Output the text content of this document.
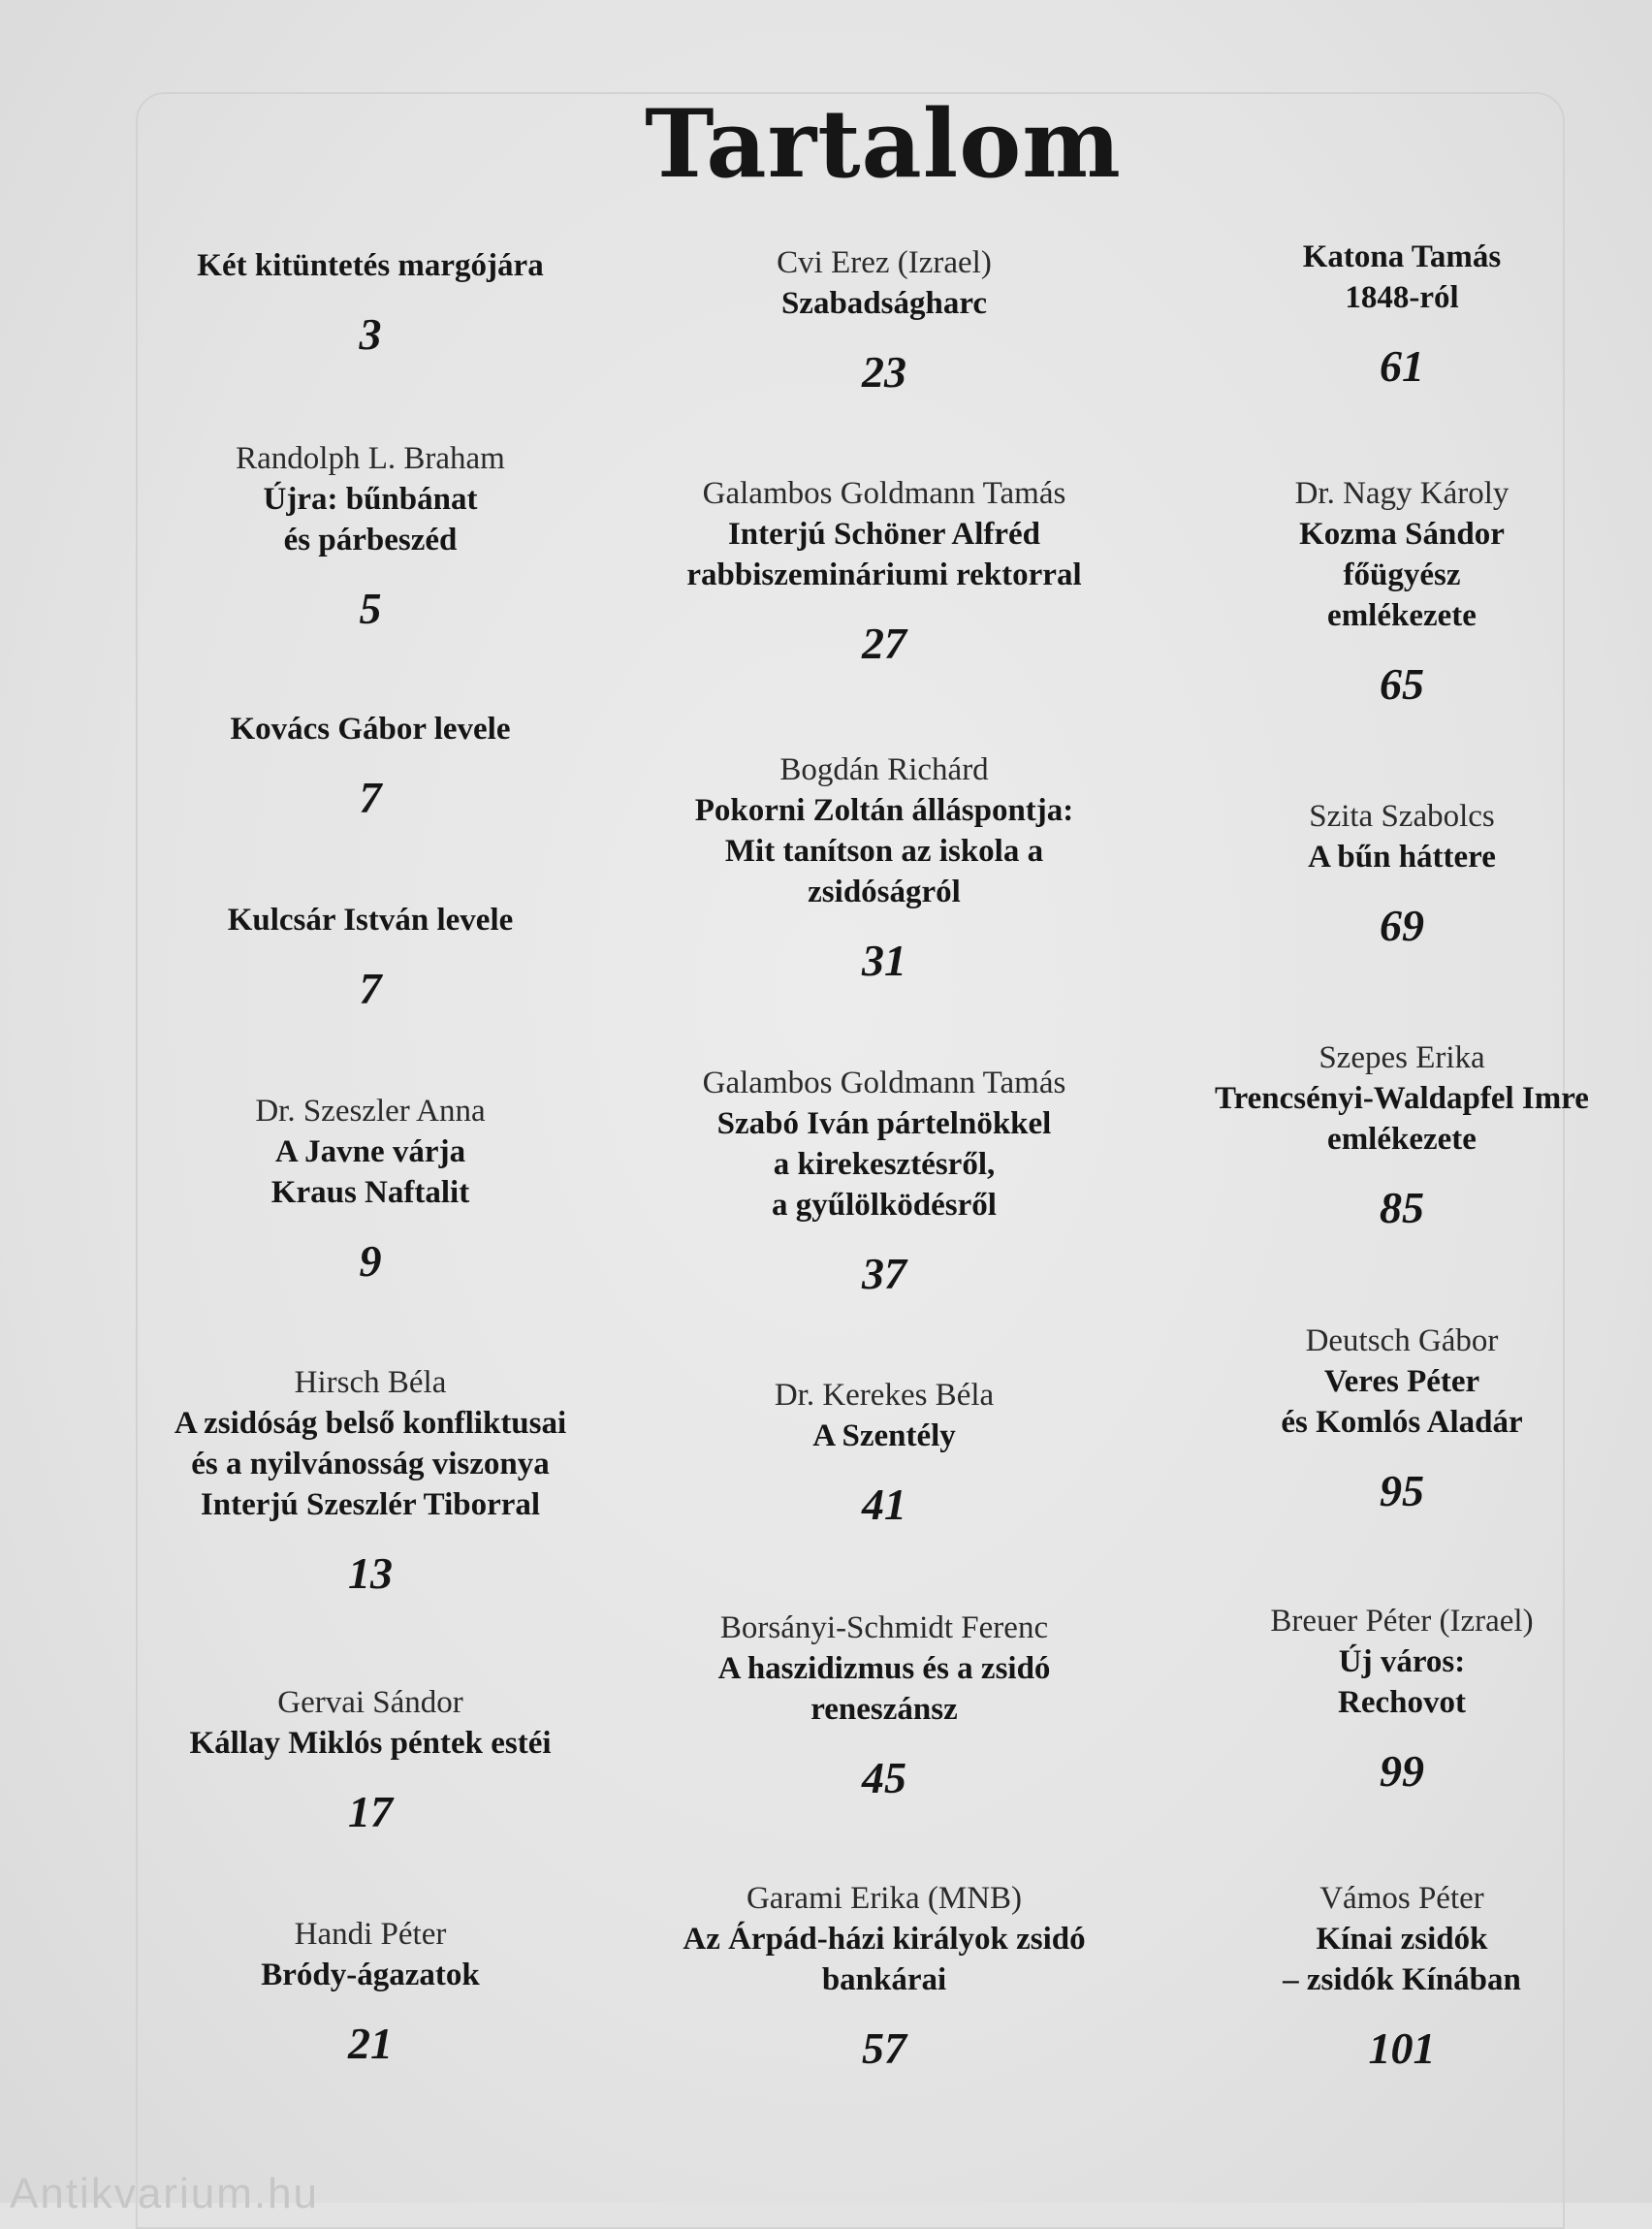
Tartalom
Két kitüntetés margójára
3
Randolph L. Braham
Újra: bűnbánat
és párbeszéd
5
Kovács Gábor levele
7
Kulcsár István levele
7
Dr. Szeszler Anna
A Javne várja
Kraus Naftalit
9
Hirsch Béla
A zsidóság belső konfliktusai
és a nyilvánosság viszonya
Interjú Szeszlér Tiborral
13
Gervai Sándor
Kállay Miklós péntek estéi
17
Handi Péter
Bródy-ágazatok
21
Cvi Erez (Izrael)
Szabadságharc
23
Galambos Goldmann Tamás
Interjú Schöner Alfréd
rabbiszemináriumi rektorral
27
Bogdán Richárd
Pokorni Zoltán álláspontja:
Mit tanítson az iskola a
zsidóságról
31
Galambos Goldmann Tamás
Szabó Iván pártelnökkel
a kirekesztésről,
a gyűlölködésről
37
Dr. Kerekes Béla
A Szentély
41
Borsányi-Schmidt Ferenc
A haszidizmus és a zsidó
reneszánsz
45
Garami Erika (MNB)
Az Árpád-házi királyok zsidó
bankárai
57
Katona Tamás
1848-ról
61
Dr. Nagy Károly
Kozma Sándor
főügyész
emlékezete
65
Szita Szabolcs
A bűn háttere
69
Szepes Erika
Trencsényi-Waldapfel Imre
emlékezete
85
Deutsch Gábor
Veres Péter
és Komlós Aladár
95
Breuer Péter (Izrael)
Új város:
Rechovot
99
Vámos Péter
Kínai zsidók
– zsidók Kínában
101
Antikvarium.hu
